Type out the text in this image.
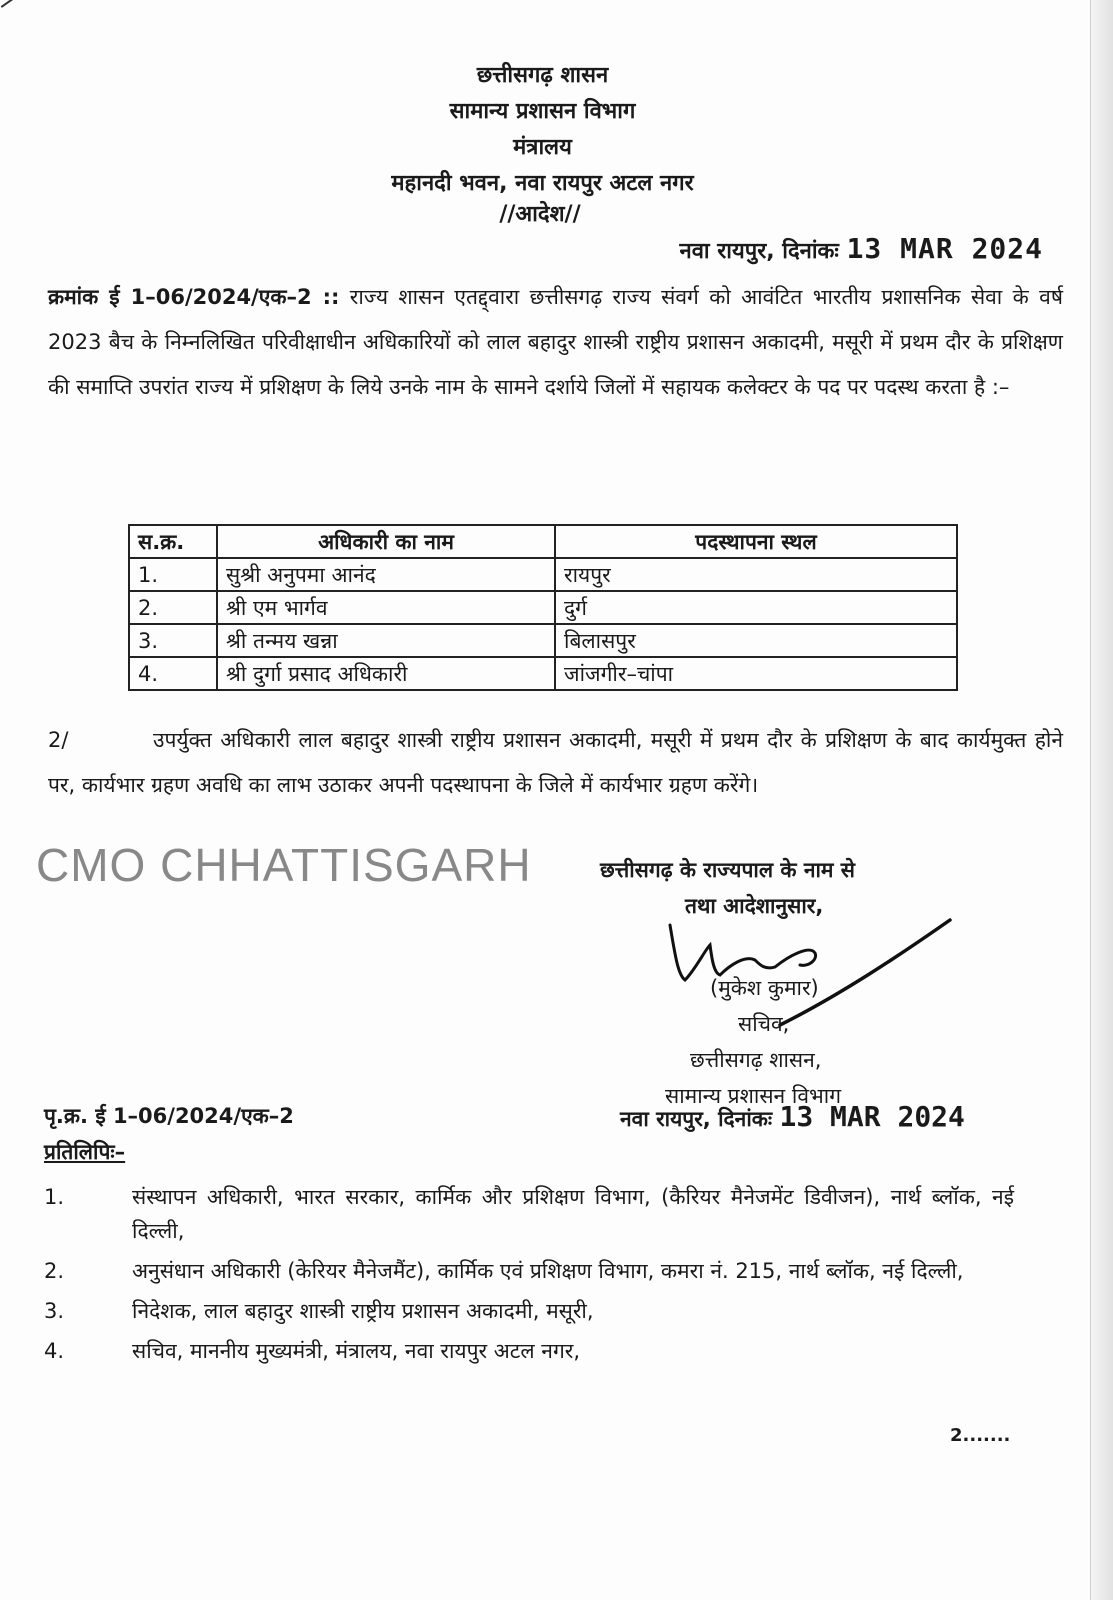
छत्तीसगढ़ शासन
सामान्य प्रशासन विभाग
मंत्रालय
महानदी भवन, नवा रायपुर अटल नगर
//आदेश//
नवा रायपुर, दिनांकः 13 MAR 2024
क्रमांक ई 1–06/2024/एक–2 :: राज्य शासन एतद्द्वारा छत्तीसगढ़ राज्य संवर्ग को आवंटित भारतीय प्रशासनिक सेवा के वर्ष 2023 बैच के निम्नलिखित परिवीक्षाधीन अधिकारियों को लाल बहादुर शास्त्री राष्ट्रीय प्रशासन अकादमी, मसूरी में प्रथम दौर के प्रशिक्षण की समाप्ति उपरांत राज्य में प्रशिक्षण के लिये उनके नाम के सामने दर्शाये जिलों में सहायक कलेक्टर के पद पर पदस्थ करता है :–
स.क्र.	अधिकारी का नाम	पदस्थापना स्थल
1.	सुश्री अनुपमा आनंद	रायपुर
2.	श्री एम भार्गव	दुर्ग
3.	श्री तन्मय खन्ना	बिलासपुर
4.	श्री दुर्गा प्रसाद अधिकारी	जांजगीर–चांपा
2/	उपर्युक्त अधिकारी लाल बहादुर शास्त्री राष्ट्रीय प्रशासन अकादमी, मसूरी में प्रथम दौर के प्रशिक्षण के बाद कार्यमुक्त होने पर, कार्यभार ग्रहण अवधि का लाभ उठाकर अपनी पदस्थापना के जिले में कार्यभार ग्रहण करेंगे।
CMO CHHATTISGARH	छत्तीसगढ़ के राज्यपाल के नाम से
तथा आदेशानुसार,
(मुकेश कुमार)
सचिव,
छत्तीसगढ़ शासन,
सामान्य प्रशासन विभाग
पृ.क्र. ई 1–06/2024/एक–2	नवा रायपुर, दिनांकः 13 MAR 2024
प्रतिलिपिः–
1.	संस्थापन अधिकारी, भारत सरकार, कार्मिक और प्रशिक्षण विभाग, (कैरियर मैनेजमेंट डिवीजन), नार्थ ब्लॉक, नई दिल्ली,
2.	अनुसंधान अधिकारी (केरियर मैनेजमैंट), कार्मिक एवं प्रशिक्षण विभाग, कमरा नं. 215, नार्थ ब्लॉक, नई दिल्ली,
3.	निदेशक, लाल बहादुर शास्त्री राष्ट्रीय प्रशासन अकादमी, मसूरी,
4.	सचिव, माननीय मुख्यमंत्री, मंत्रालय, नवा रायपुर अटल नगर,
2.......
